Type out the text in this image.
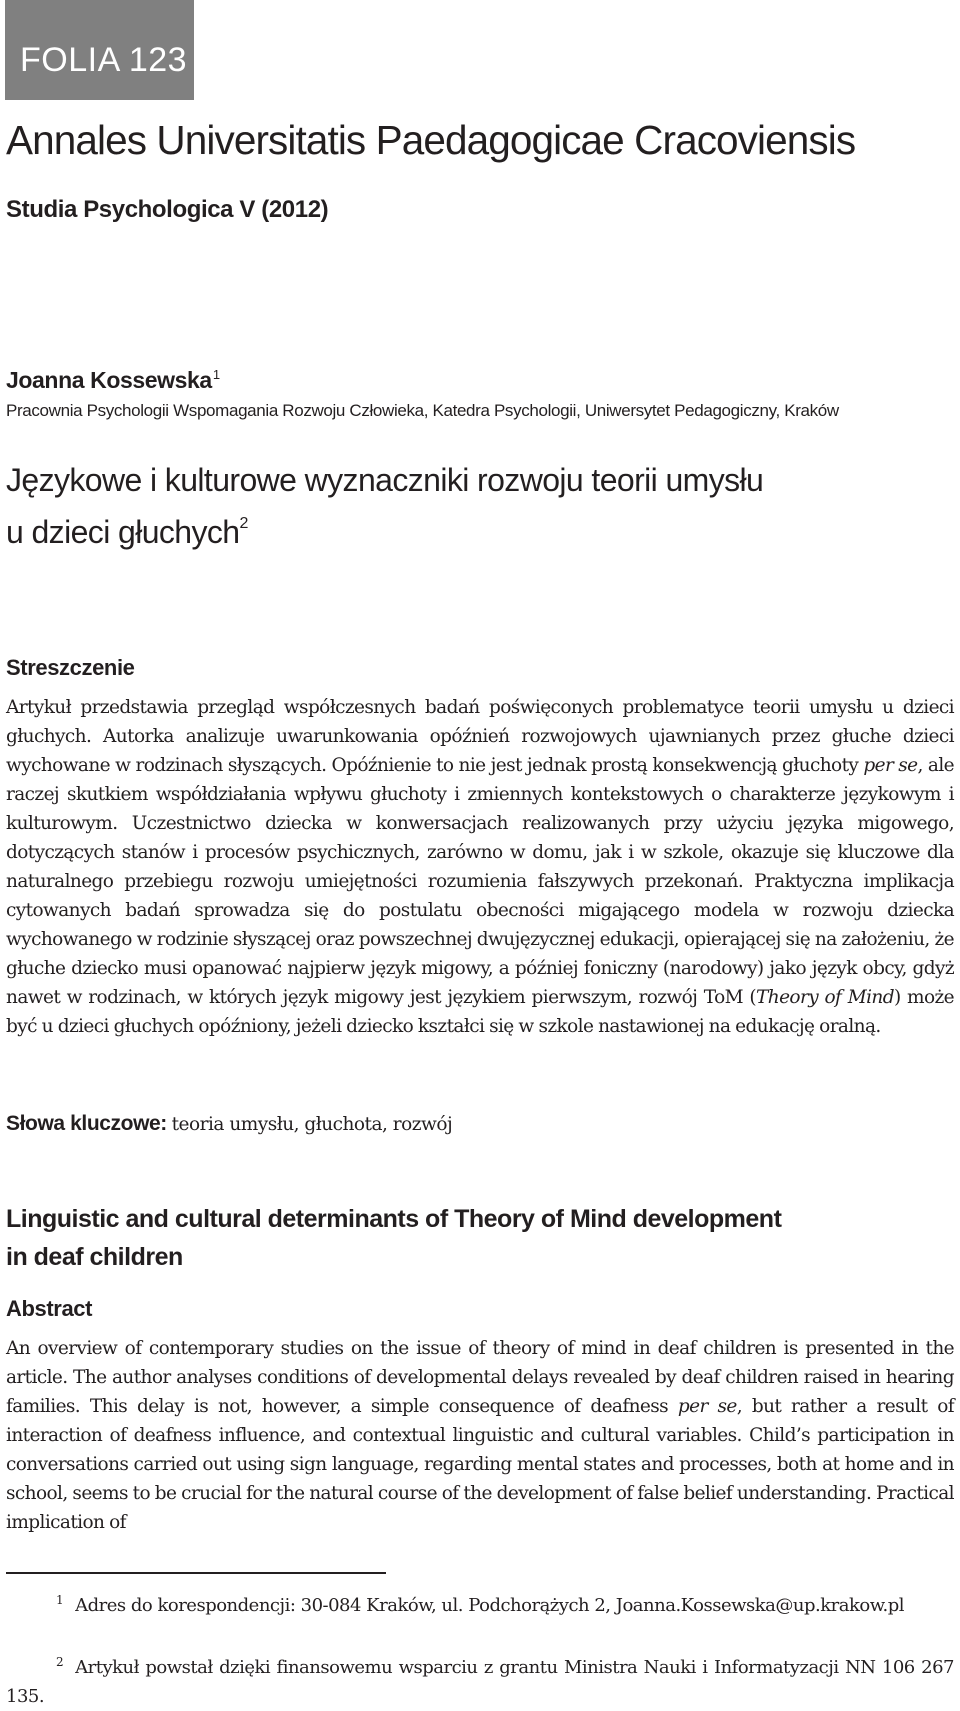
FOLIA 123
Annales Universitatis Paedagogicae Cracoviensis
Studia Psychologica V (2012)
Joanna Kossewska$^1$
Pracownia Psychologii Wspomagania Rozwoju Człowieka, Katedra Psychologii, Uniwersytet Pedagogiczny, Kraków
Językowe i kulturowe wyznaczniki rozwoju teorii umysłu
u dzieci głuchych$^2$
Streszczenie
Artykuł przedstawia przegląd współczesnych badań poświęconych problematyce teorii umysłu u dzieci głuchych. Autorka analizuje uwarunkowania opóźnień rozwojowych ujawnianych przez głuche dzieci wychowane w rodzinach słyszących. Opóźnienie to nie jest jednak prostą konsekwencją głuchoty per se, ale raczej skutkiem współdziałania wpływu głuchoty i zmiennych kontekstowych o charakterze językowym i kulturowym. Uczestnictwo dziecka w konwersacjach realizowanych przy użyciu języka migowego, dotyczących stanów i procesów psychicznych, zarówno w domu, jak i w szkole, okazuje się kluczowe dla naturalnego przebiegu rozwoju umiejętności rozumienia fałszywych przekonań. Praktyczna implikacja cytowanych badań sprowadza się do postulatu obecności migającego modela w rozwoju dziecka wychowanego w rodzinie słyszącej oraz powszechnej dwujęzycznej edukacji, opierającej się na założeniu, że głuche dziecko musi opanować najpierw język migowy, a później foniczny (narodowy) jako język obcy, gdyż nawet w rodzinach, w których język migowy jest językiem pierwszym, rozwój ToM (Theory of Mind) może być u dzieci głuchych opóźniony, jeżeli dziecko kształci się w szkole nastawionej na edukację oralną.
Słowa kluczowe: teoria umysłu, głuchota, rozwój
Linguistic and cultural determinants of Theory of Mind development
in deaf children
Abstract
An overview of contemporary studies on the issue of theory of mind in deaf children is presented in the article. The author analyses conditions of developmental delays revealed by deaf children raised in hearing families. This delay is not, however, a simple consequence of deafness per se, but rather a result of interaction of deafness influence, and contextual linguistic and cultural variables. Child’s participation in conversations carried out using sign language, regarding mental states and processes, both at home and in school, seems to be crucial for the natural course of the development of false belief understanding. Practical implication of
$^1$ Adres do korespondencji: 30-084 Kraków, ul. Podchorążych 2, Joanna.Kossewska@up.krakow.pl
$^2$ Artykuł powstał dzięki finansowemu wsparciu z grantu Ministra Nauki i Informatyzacji NN 106 267 135.
